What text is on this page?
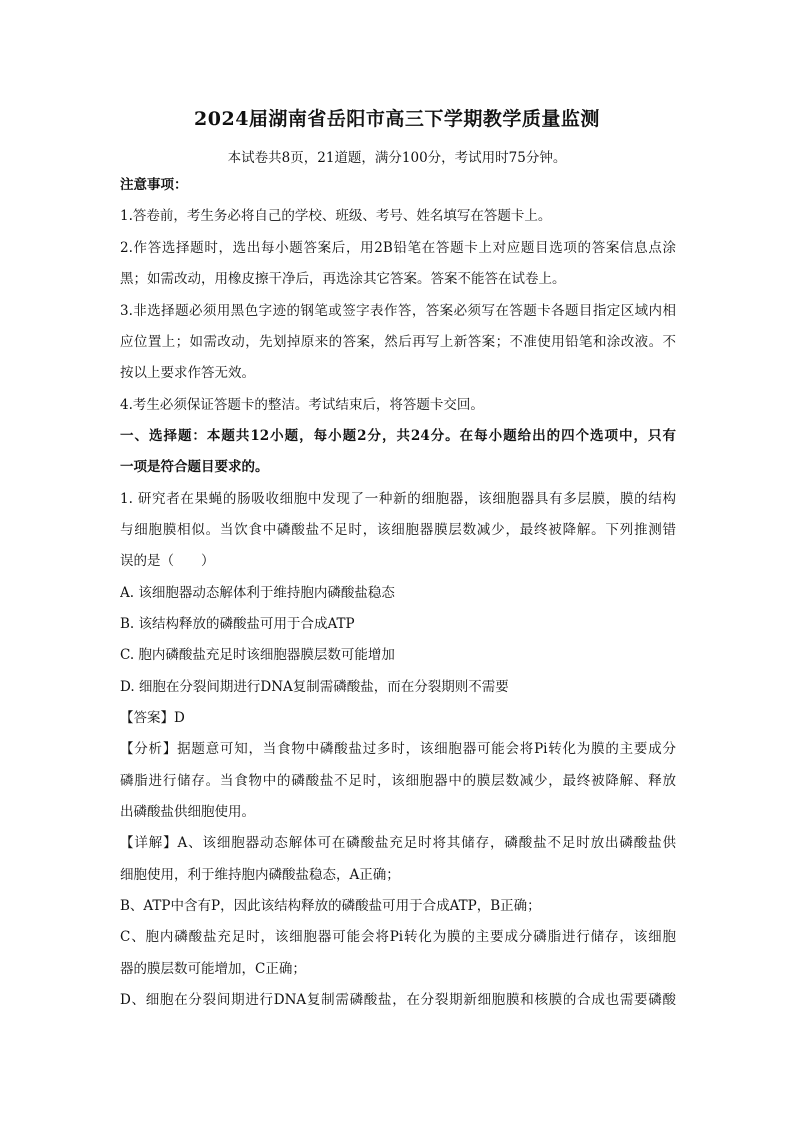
2024届湖南省岳阳市高三下学期教学质量监测
本试卷共8页，21道题，满分100分，考试用时75分钟。
注意事项：
1.答卷前，考生务必将自己的学校、班级、考号、姓名填写在答题卡上。
2.作答选择题时，选出每小题答案后，用2B铅笔在答题卡上对应题目选项的答案信息点涂
黑；如需改动，用橡皮擦干净后，再选涂其它答案。答案不能答在试卷上。
3.非选择题必须用黑色字迹的钢笔或签字表作答，答案必须写在答题卡各题目指定区域内相
应位置上；如需改动，先划掉原来的答案，然后再写上新答案；不准使用铅笔和涂改液。不
按以上要求作答无效。
4.考生必须保证答题卡的整洁。考试结束后，将答题卡交回。
一、选择题：本题共12小题，每小题2分，共24分。在每小题给出的四个选项中，只有
一项是符合题目要求的。
1. 研究者在果蝇的肠吸收细胞中发现了一种新的细胞器，该细胞器具有多层膜，膜的结构
与细胞膜相似。当饮食中磷酸盐不足时，该细胞器膜层数减少，最终被降解。下列推测错
误的是（　　）
A. 该细胞器动态解体利于维持胞内磷酸盐稳态
B. 该结构释放的磷酸盐可用于合成ATP
C. 胞内磷酸盐充足时该细胞器膜层数可能增加
D. 细胞在分裂间期进行DNA复制需磷酸盐，而在分裂期则不需要
【答案】D
【分析】据题意可知，当食物中磷酸盐过多时，该细胞器可能会将Pi转化为膜的主要成分
磷脂进行储存。当食物中的磷酸盐不足时，该细胞器中的膜层数减少，最终被降解、释放
出磷酸盐供细胞使用。
【详解】A、该细胞器动态解体可在磷酸盐充足时将其储存，磷酸盐不足时放出磷酸盐供
细胞使用，利于维持胞内磷酸盐稳态，A正确；
B、ATP中含有P，因此该结构释放的磷酸盐可用于合成ATP，B正确；
C、胞内磷酸盐充足时，该细胞器可能会将Pi转化为膜的主要成分磷脂进行储存，该细胞
器的膜层数可能增加，C正确；
D、细胞在分裂间期进行DNA复制需磷酸盐，在分裂期新细胞膜和核膜的合成也需要磷酸
